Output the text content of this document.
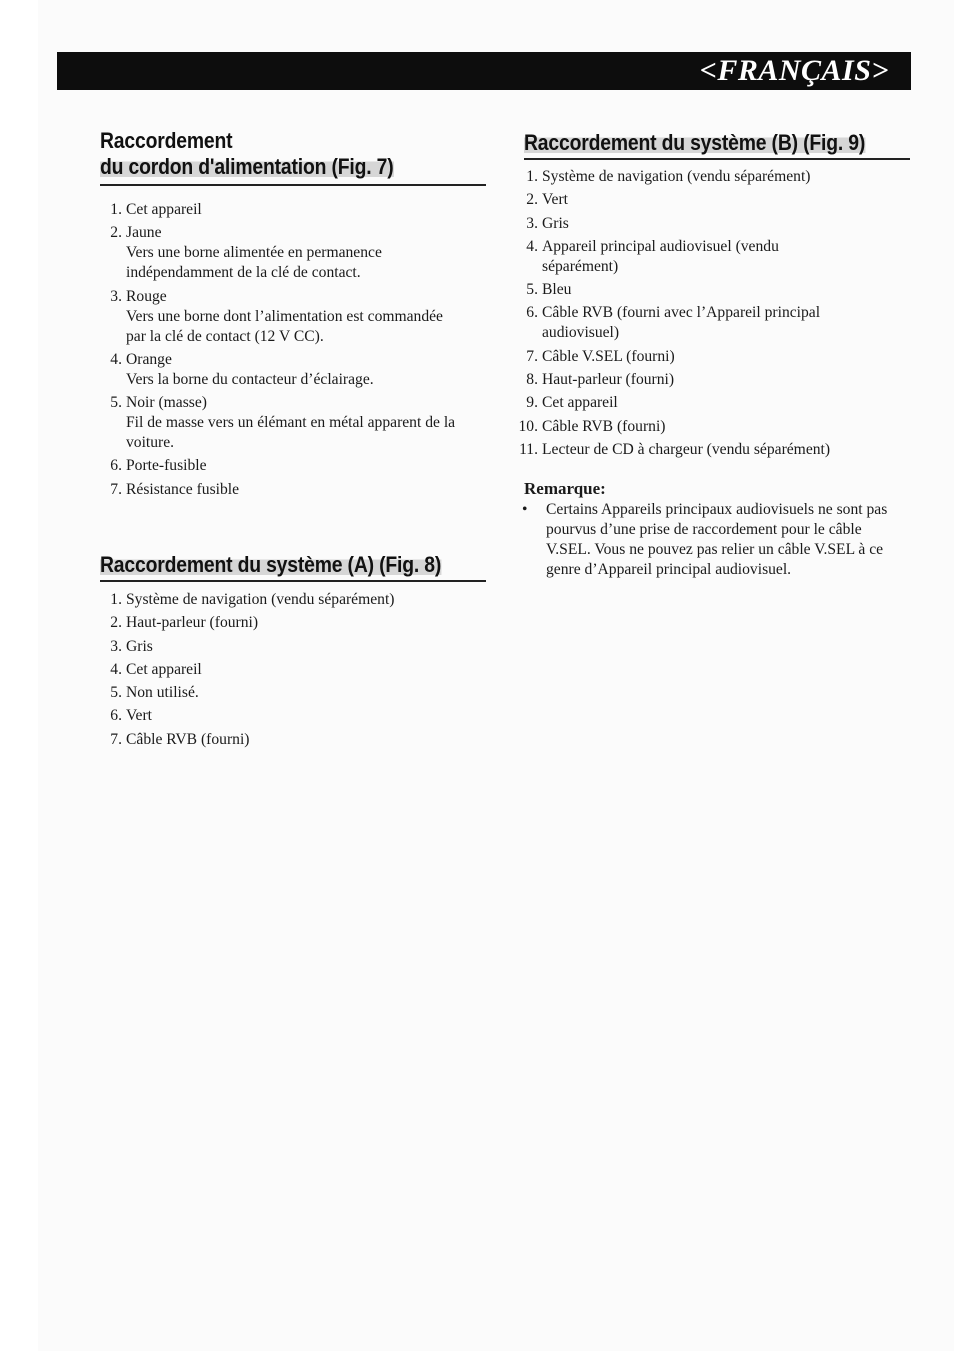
<FRANÇAIS>
Raccordement
du cordon d'alimentation (Fig. 7)
1. Cet appareil
2. Jaune
Vers une borne alimentée en permanence indépendamment de la clé de contact.
3. Rouge
Vers une borne dont l’alimentation est commandée par la clé de contact (12 V CC).
4. Orange
Vers la borne du contacteur d’éclairage.
5. Noir (masse)
Fil de masse vers un élémant en métal apparent de la voiture.
6. Porte-fusible
7. Résistance fusible
Raccordement du système (A) (Fig. 8)
1. Système de navigation (vendu séparément)
2. Haut-parleur (fourni)
3. Gris
4. Cet appareil
5. Non utilisé.
6. Vert
7. Câble RVB (fourni)
Raccordement du système (B) (Fig. 9)
1. Système de navigation (vendu séparément)
2. Vert
3. Gris
4. Appareil principal audiovisuel (vendu séparément)
5. Bleu
6. Câble RVB (fourni avec l’Appareil principal audiovisuel)
7. Câble V.SEL (fourni)
8. Haut-parleur (fourni)
9. Cet appareil
10. Câble RVB (fourni)
11. Lecteur de CD à chargeur (vendu séparément)
Remarque:
•	Certains Appareils principaux audiovisuels ne sont pas pourvus d’une prise de raccordement pour le câble V.SEL. Vous ne pouvez pas relier un câble V.SEL à ce genre d’Appareil principal audiovisuel.
